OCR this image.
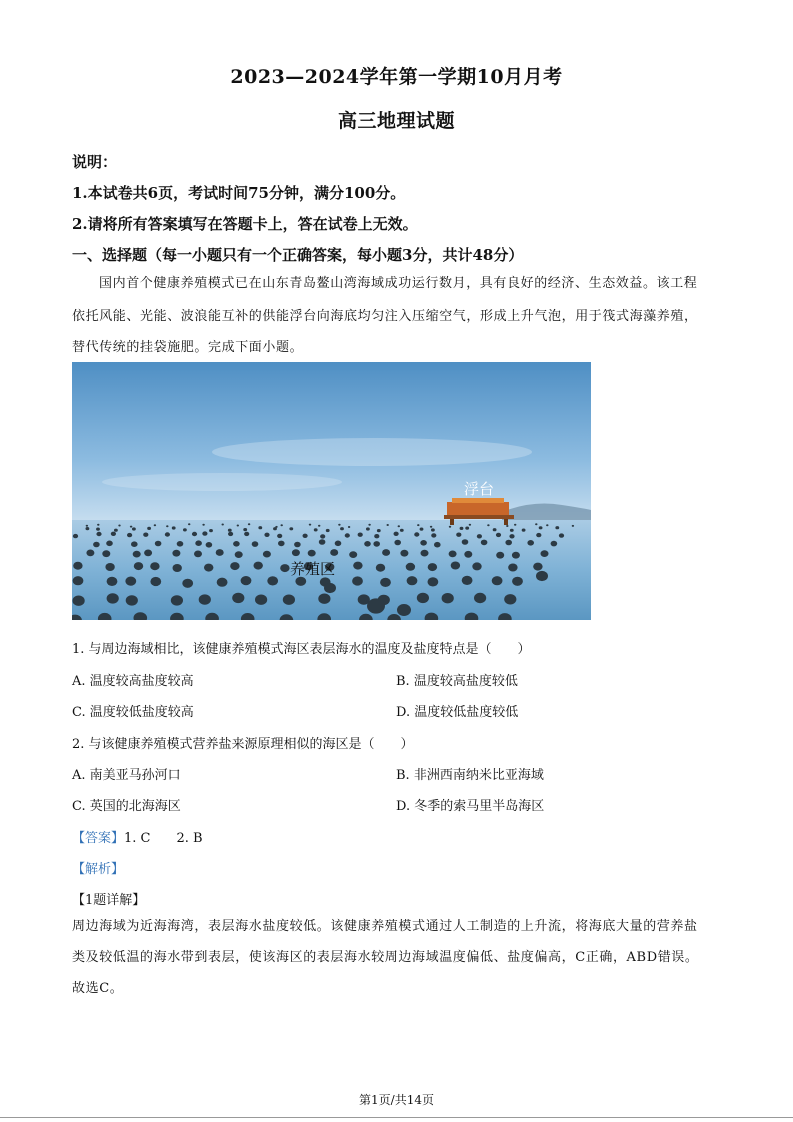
2023—2024学年第一学期10月月考
高三地理试题
说明：
1.本试卷共6页，考试时间75分钟，满分100分。
2.请将所有答案填写在答题卡上，答在试卷上无效。
一、选择题（每一小题只有一个正确答案，每小题3分，共计48分）
国内首个健康养殖模式已在山东青岛鳌山湾海域成功运行数月，具有良好的经济、生态效益。该工程
依托风能、光能、波浪能互补的供能浮台向海底均匀注入压缩空气，形成上升气泡，用于筏式海藻养殖，
替代传统的挂袋施肥。完成下面小题。
浮台
养殖区
1. 与周边海域相比，该健康养殖模式海区表层海水的温度及盐度特点是（　　）
A. 温度较高盐度较高	B. 温度较高盐度较低
C. 温度较低盐度较高	D. 温度较低盐度较低
2. 与该健康养殖模式营养盐来源原理相似的海区是（　　）
A. 南美亚马孙河口	B. 非洲西南纳米比亚海域
C. 英国的北海海区	D. 冬季的索马里半岛海区
【答案】1. C　　2. B
【解析】
【1题详解】
周边海域为近海海湾，表层海水盐度较低。该健康养殖模式通过人工制造的上升流，将海底大量的营养盐
类及较低温的海水带到表层，使该海区的表层海水较周边海域温度偏低、盐度偏高，C正确，ABD错误。
故选C。
第1页/共14页
